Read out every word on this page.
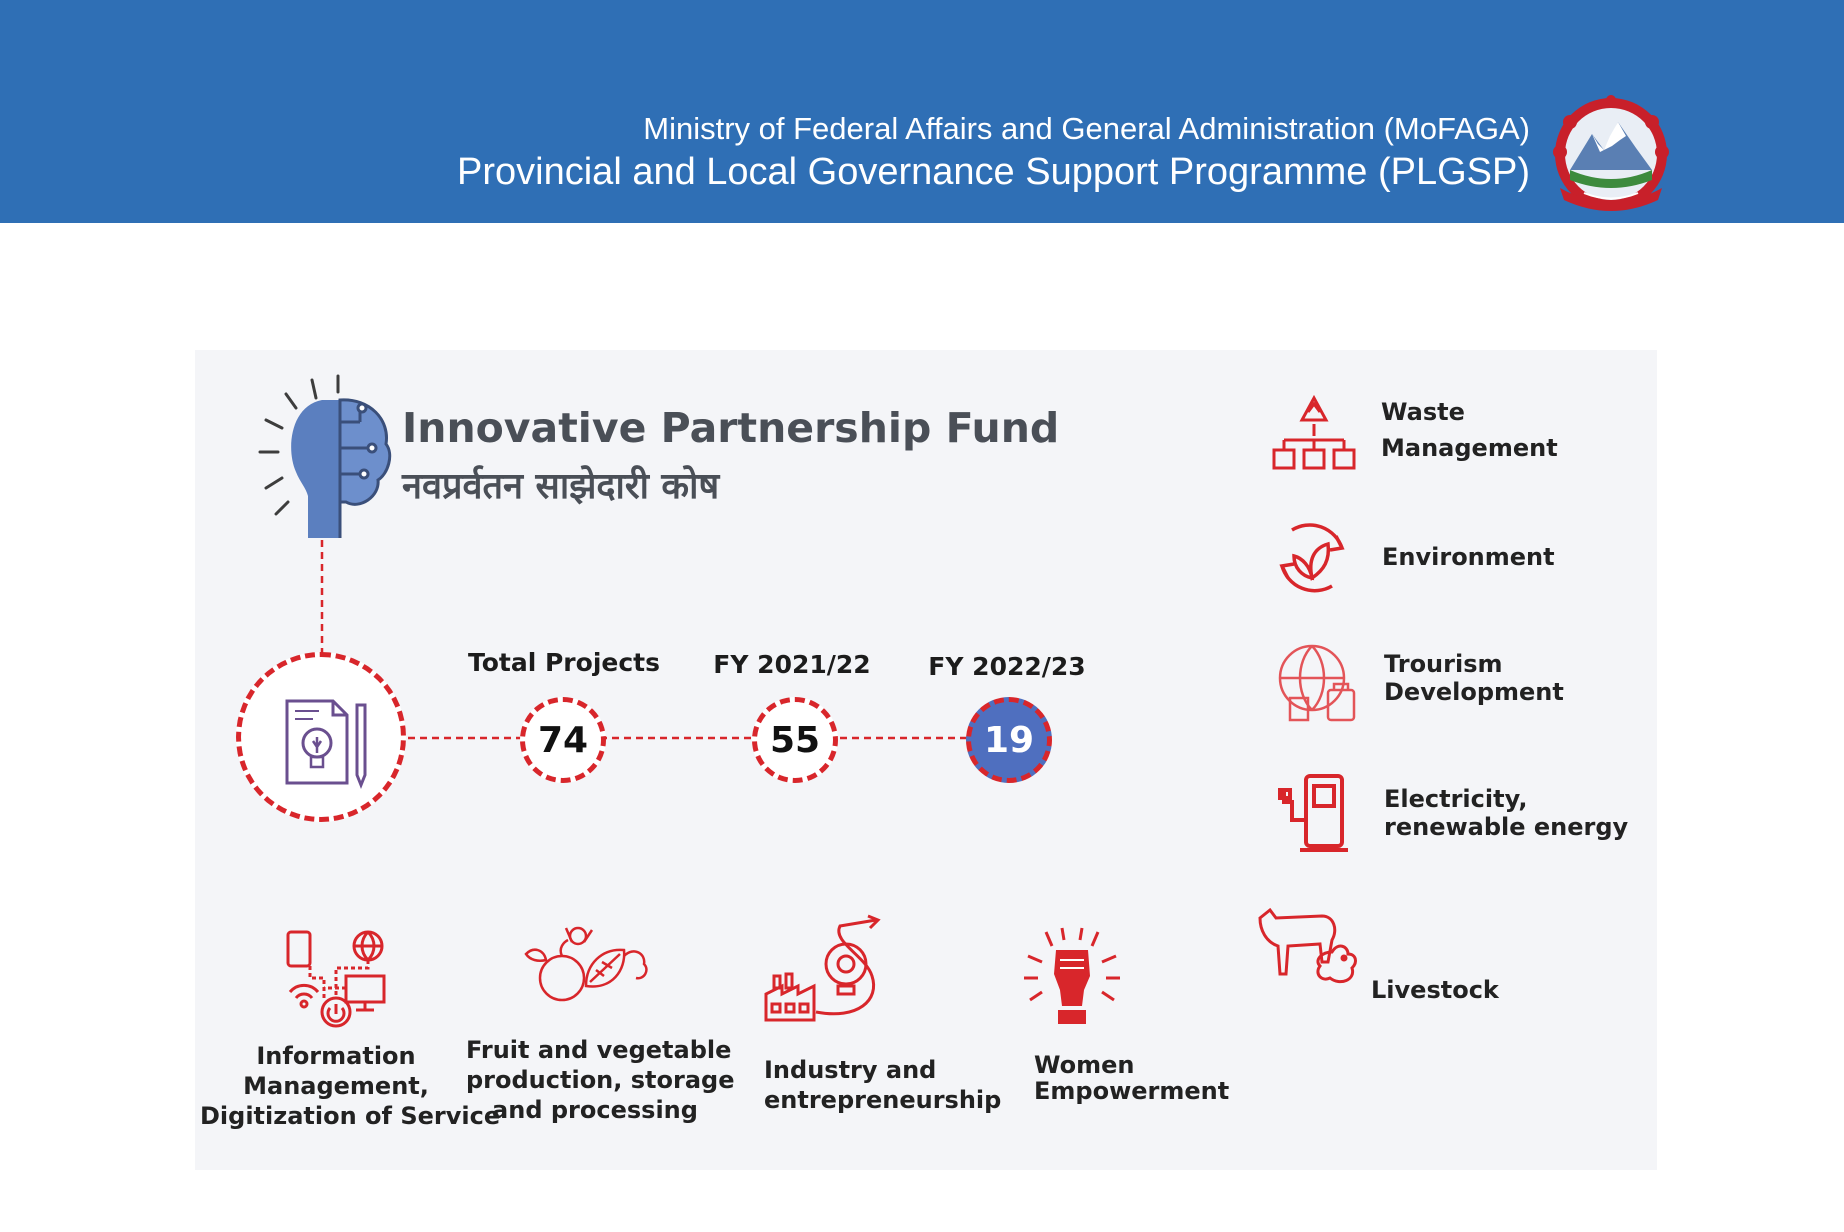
Ministry of Federal Affairs and General Administration (MoFAGA)
Provincial and Local Governance Support Programme (PLGSP)
Innovative Partnership Fund
नवप्रर्वतन साझेदारी कोष
Total Projects
74
FY 2021/22
55
FY 2022/23
19
Waste
Management
Environment
Trourism
Development
Electricity,
renewable energy
Livestock
Information
Management,
Digitization of Service
Fruit and vegetable
production, storage
and processing
Industry and
entrepreneurship
Women
Empowerment
